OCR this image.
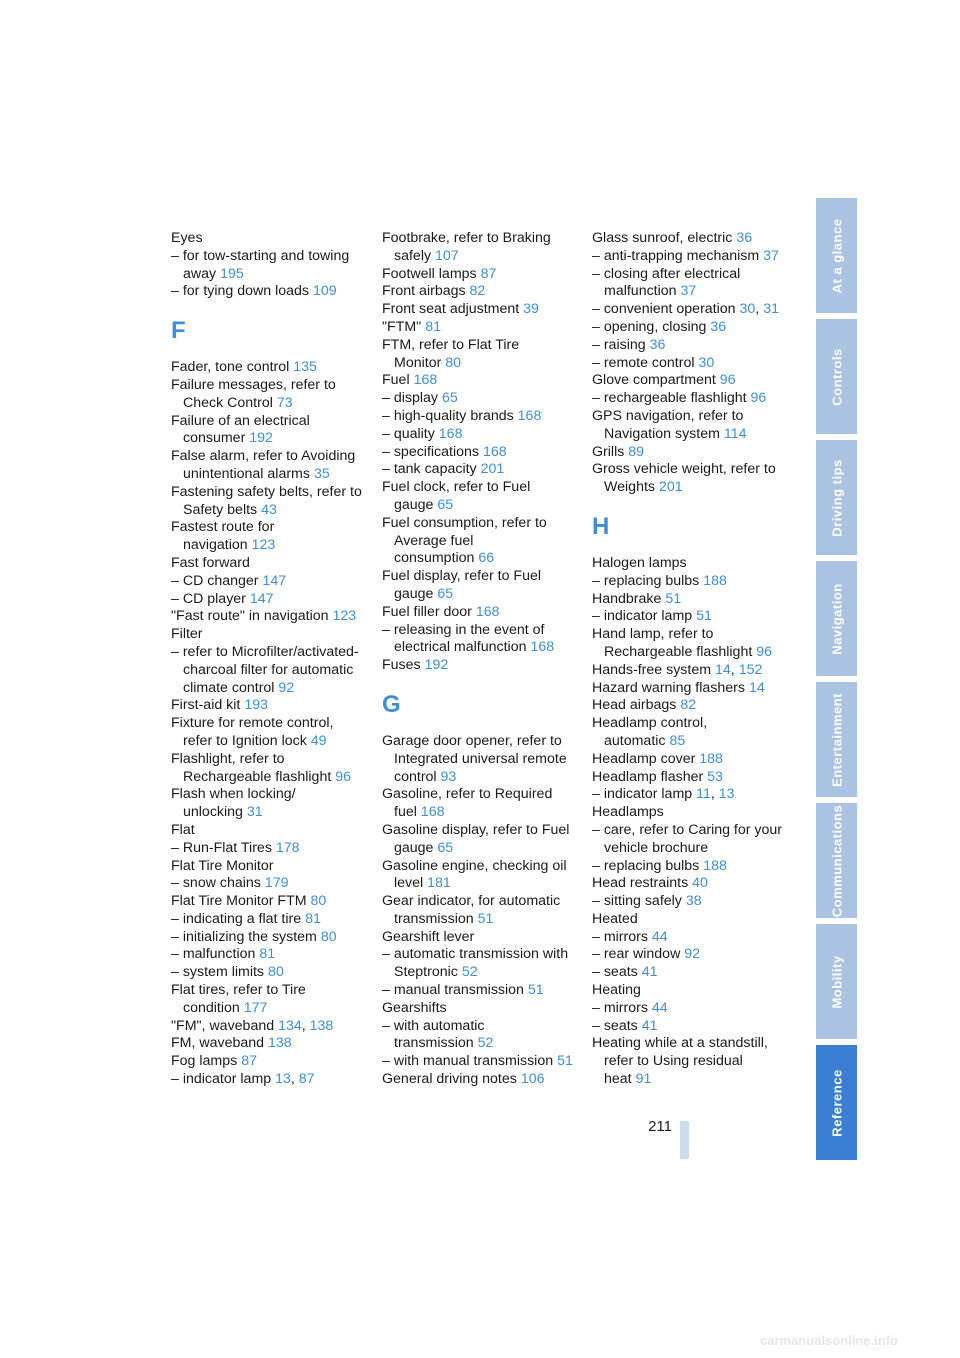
Eyes
– for tow-starting and towing away 195
– for tying down loads 109
F
Fader, tone control 135
Failure messages, refer to Check Control 73
Failure of an electrical consumer 192
False alarm, refer to Avoiding unintentional alarms 35
Fastening safety belts, refer to Safety belts 43
Fastest route for navigation 123
Fast forward
– CD changer 147
– CD player 147
"Fast route" in navigation 123
Filter
– refer to Microfilter/activated-charcoal filter for automatic climate control 92
First-aid kit 193
Fixture for remote control, refer to Ignition lock 49
Flashlight, refer to Rechargeable flashlight 96
Flash when locking/ unlocking 31
Flat
– Run-Flat Tires 178
Flat Tire Monitor
– snow chains 179
Flat Tire Monitor FTM 80
– indicating a flat tire 81
– initializing the system 80
– malfunction 81
– system limits 80
Flat tires, refer to Tire condition 177
"FM", waveband 134, 138
FM, waveband 138
Fog lamps 87
– indicator lamp 13, 87
Footbrake, refer to Braking safely 107
Footwell lamps 87
Front airbags 82
Front seat adjustment 39
"FTM" 81
FTM, refer to Flat Tire Monitor 80
Fuel 168
– display 65
– high-quality brands 168
– quality 168
– specifications 168
– tank capacity 201
Fuel clock, refer to Fuel gauge 65
Fuel consumption, refer to Average fuel consumption 66
Fuel display, refer to Fuel gauge 65
Fuel filler door 168
– releasing in the event of electrical malfunction 168
Fuses 192
G
Garage door opener, refer to Integrated universal remote control 93
Gasoline, refer to Required fuel 168
Gasoline display, refer to Fuel gauge 65
Gasoline engine, checking oil level 181
Gear indicator, for automatic transmission 51
Gearshift lever
– automatic transmission with Steptronic 52
– manual transmission 51
Gearshifts
– with automatic transmission 52
– with manual transmission 51
General driving notes 106
Glass sunroof, electric 36
– anti-trapping mechanism 37
– closing after electrical malfunction 37
– convenient operation 30, 31
– opening, closing 36
– raising 36
– remote control 30
Glove compartment 96
– rechargeable flashlight 96
GPS navigation, refer to Navigation system 114
Grills 89
Gross vehicle weight, refer to Weights 201
H
Halogen lamps
– replacing bulbs 188
Handbrake 51
– indicator lamp 51
Hand lamp, refer to Rechargeable flashlight 96
Hands-free system 14, 152
Hazard warning flashers 14
Head airbags 82
Headlamp control, automatic 85
Headlamp cover 188
Headlamp flasher 53
– indicator lamp 11, 13
Headlamps
– care, refer to Caring for your vehicle brochure
– replacing bulbs 188
Head restraints 40
– sitting safely 38
Heated
– mirrors 44
– rear window 92
– seats 41
Heating
– mirrors 44
– seats 41
Heating while at a standstill, refer to Using residual heat 91
At a glance
Controls
Driving tips
Navigation
Entertainment
Communications
Mobility
Reference
211
carmanualsonline.info
